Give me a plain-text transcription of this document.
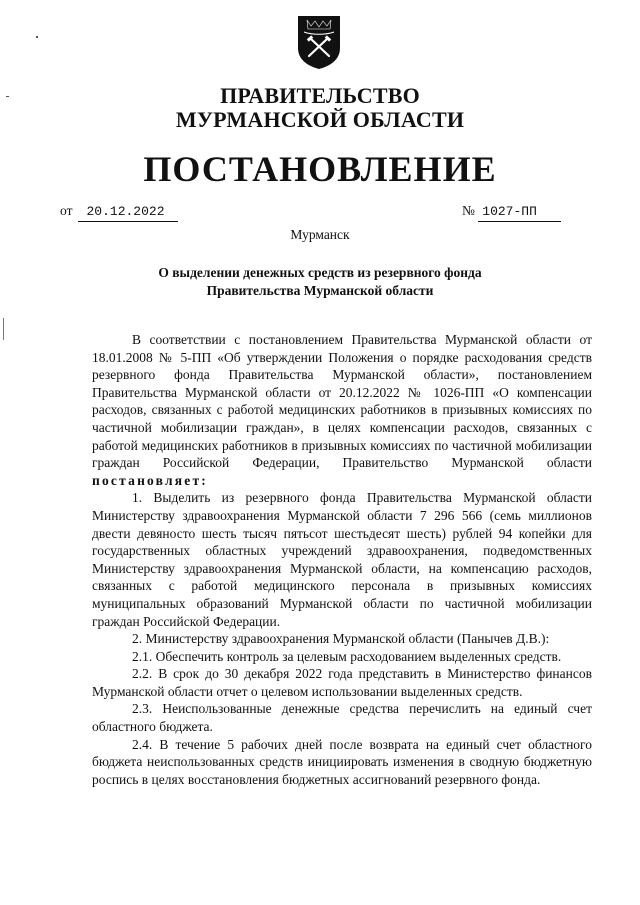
ПРАВИТЕЛЬСТВО
МУРМАНСКОЙ ОБЛАСТИ
ПОСТАНОВЛЕНИЕ
от 20.12.2022	№ 1027-ПП
Мурманск
О выделении денежных средств из резервного фонда
Правительства Мурманской области

В соответствии с постановлением Правительства Мурманской области от 18.01.2008 № 5-ПП «Об утверждении Положения о порядке расходования средств резервного фонда Правительства Мурманской области», постановлением Правительства Мурманской области от 20.12.2022 № 1026-ПП «О компенсации расходов, связанных с работой медицинских работников в призывных комиссиях по частичной мобилизации граждан», в целях компенсации расходов, связанных с работой медицинских работников в призывных комиссиях по частичной мобилизации граждан Российской Федерации, Правительство Мурманской области постановляет:

1. Выделить из резервного фонда Правительства Мурманской области Министерству здравоохранения Мурманской области 7 296 566 (семь миллионов двести девяносто шесть тысяч пятьсот шестьдесят шесть) рублей 94 копейки для государственных областных учреждений здравоохранения, подведомственных Министерству здравоохранения Мурманской области, на компенсацию расходов, связанных с работой медицинского персонала в призывных комиссиях муниципальных образований Мурманской области по частичной мобилизации граждан Российской Федерации.

2. Министерству здравоохранения Мурманской области (Панычев Д.В.):

2.1. Обеспечить контроль за целевым расходованием выделенных средств.

2.2. В срок до 30 декабря 2022 года представить в Министерство финансов Мурманской области отчет о целевом использовании выделенных средств.

2.3. Неиспользованные денежные средства перечислить на единый счет областного бюджета.

2.4. В течение 5 рабочих дней после возврата на единый счет областного бюджета неиспользованных средств инициировать изменения в сводную бюджетную роспись в целях восстановления бюджетных ассигнований резервного фонда.
